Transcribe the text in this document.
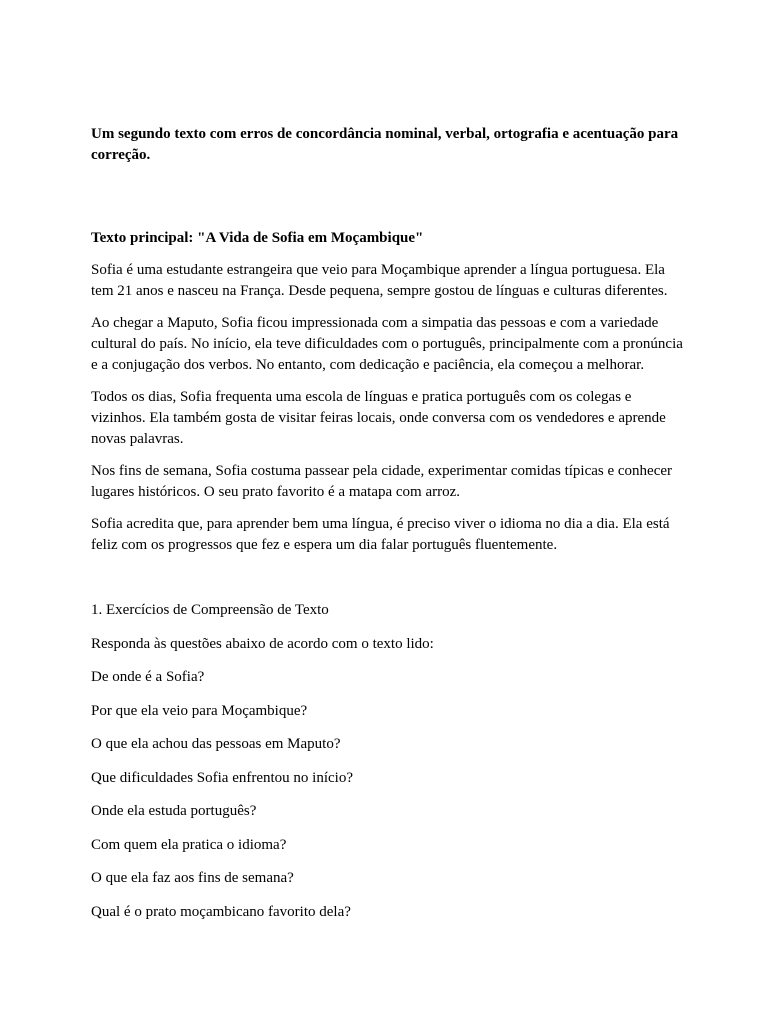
Um segundo texto com erros de concordância nominal, verbal, ortografia e acentuação para correção.

Texto principal: "A Vida de Sofia em Moçambique"

Sofia é uma estudante estrangeira que veio para Moçambique aprender a língua portuguesa. Ela tem 21 anos e nasceu na França. Desde pequena, sempre gostou de línguas e culturas diferentes.

Ao chegar a Maputo, Sofia ficou impressionada com a simpatia das pessoas e com a variedade cultural do país. No início, ela teve dificuldades com o português, principalmente com a pronúncia e a conjugação dos verbos. No entanto, com dedicação e paciência, ela começou a melhorar.

Todos os dias, Sofia frequenta uma escola de línguas e pratica português com os colegas e vizinhos. Ela também gosta de visitar feiras locais, onde conversa com os vendedores e aprende novas palavras.

Nos fins de semana, Sofia costuma passear pela cidade, experimentar comidas típicas e conhecer lugares históricos. O seu prato favorito é a matapa com arroz.

Sofia acredita que, para aprender bem uma língua, é preciso viver o idioma no dia a dia. Ela está feliz com os progressos que fez e espera um dia falar português fluentemente.

1. Exercícios de Compreensão de Texto

Responda às questões abaixo de acordo com o texto lido:

De onde é a Sofia?

Por que ela veio para Moçambique?

O que ela achou das pessoas em Maputo?

Que dificuldades Sofia enfrentou no início?

Onde ela estuda português?

Com quem ela pratica o idioma?

O que ela faz aos fins de semana?

Qual é o prato moçambicano favorito dela?
